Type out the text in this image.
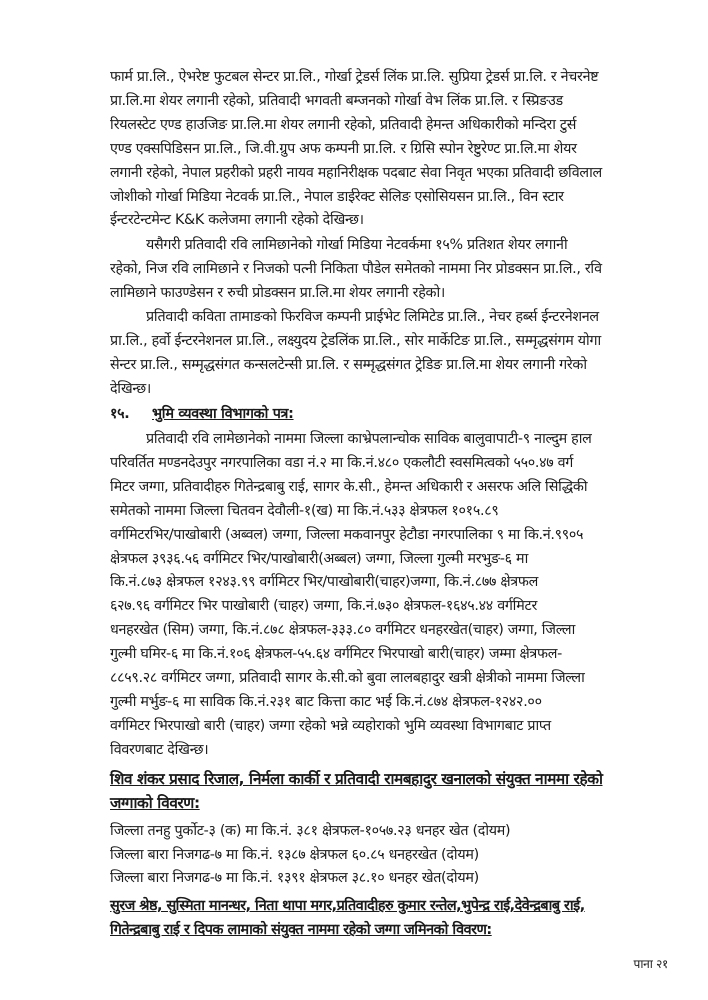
फार्म प्रा.लि., ऐभरेष्ट फुटबल सेन्टर प्रा.लि., गोर्खा ट्रेडर्स लिंक प्रा.लि. सुप्रिया ट्रेडर्स प्रा.लि. र नेचरनेष्ट
प्रा.लि.मा शेयर लगानी रहेको, प्रतिवादी भगवती बम्जनको गोर्खा वेभ लिंक प्रा.लि. र स्प्रिङउड
रियलस्टेट एण्ड हाउजिङ प्रा.लि.मा शेयर लगानी रहेको, प्रतिवादी हेमन्त अधिकारीको मन्दिरा टुर्स
एण्ड एक्सपिडिसन प्रा.लि., जि.वी.ग्रुप अफ कम्पनी प्रा.लि. र ग्रिसि स्पोन रेष्टुरेण्ट प्रा.लि.मा शेयर
लगानी रहेको, नेपाल प्रहरीको प्रहरी नायव महानिरीक्षक पदबाट सेवा निवृत भएका प्रतिवादी छविलाल
जोशीको गोर्खा मिडिया नेटवर्क प्रा.लि., नेपाल डाईरेक्ट सेलिङ एसोसियसन प्रा.लि., विन स्टार
ईन्टरटेन्टमेन्ट K&K कलेजमा लगानी रहेको देखिन्छ।
यसैगरी प्रतिवादी रवि लामिछानेको गोर्खा मिडिया नेटवर्कमा १५% प्रतिशत शेयर लगानी
रहेको, निज रवि लामिछाने र निजको पत्नी निकिता पौडेल समेतको नाममा निर प्रोडक्सन प्रा.लि., रवि
लामिछाने फाउण्डेसन र रुची प्रोडक्सन प्रा.लि.मा शेयर लगानी रहेको।
प्रतिवादी कविता तामाङको फिरविज कम्पनी प्राईभेट लिमिटेड प्रा.लि., नेचर हर्ब्स ईन्टरनेशनल
प्रा.लि., हर्वो ईन्टरनेशनल प्रा.लि., लक्ष्युदय ट्रेडलिंक प्रा.लि., सोर मार्केटिङ प्रा.लि., सम्मृद्धसंगम योगा
सेन्टर प्रा.लि., सम्मृद्धसंगत कन्सलटेन्सी प्रा.लि. र सम्मृद्धसंगत ट्रेडिङ प्रा.लि.मा शेयर लगानी गरेको
देखिन्छ।
१५. भुमि व्यवस्था विभागको पत्र:
प्रतिवादी रवि लामेछानेको नाममा जिल्ला काभ्रेपलान्चोक साविक बालुवापाटी-९ नाल्दुम हाल
परिवर्तित मण्डनदेउपुर नगरपालिका वडा नं.२ मा कि.नं.४८० एकलौटी स्वसमित्वको ५५०.४७ वर्ग
मिटर जग्गा, प्रतिवादीहरु गितेन्द्रबाबु राई, सागर के.सी., हेमन्त अधिकारी र असरफ अलि सिद्धिकी
समेतको नाममा जिल्ला चितवन देवौली-१(ख) मा कि.नं.५३३ क्षेत्रफल १०१५.८९
वर्गमिटरभिर/पाखोबारी (अब्वल) जग्गा, जिल्ला मकवानपुर हेटौडा नगरपालिका ९ मा कि.नं.९९०५
क्षेत्रफल ३९३६.५६ वर्गमिटर भिर/पाखोबारी(अब्बल) जग्गा, जिल्ला गुल्मी मरभुङ-६ मा
कि.नं.८७३ क्षेत्रफल १२४३.९९ वर्गमिटर भिर/पाखोबारी(चाहर)जग्गा, कि.नं.८७७ क्षेत्रफल
६२७.९६ वर्गमिटर भिर पाखोबारी (चाहर) जग्गा, कि.नं.७३० क्षेत्रफल-१६४५.४४ वर्गमिटर
धनहरखेत (सिम) जग्गा, कि.नं.८७८ क्षेत्रफल-३३३.८० वर्गमिटर धनहरखेत(चाहर) जग्गा, जिल्ला
गुल्मी घमिर-६ मा कि.नं.१०६ क्षेत्रफल-५५.६४ वर्गमिटर भिरपाखो बारी(चाहर) जम्मा क्षेत्रफल-
८८५९.२८ वर्गमिटर जग्गा, प्रतिवादी सागर के.सी.को बुवा लालबहादुर खत्री क्षेत्रीको नाममा जिल्ला
गुल्मी मर्भुङ-६ मा साविक कि.नं.२३१ बाट कित्ता काट भई कि.नं.८७४ क्षेत्रफल-१२४२.००
वर्गमिटर भिरपाखो बारी (चाहर) जग्गा रहेको भन्ने व्यहोराको भुमि व्यवस्था विभागबाट प्राप्त
विवरणबाट देखिन्छ।
शिव शंकर प्रसाद रिजाल, निर्मला कार्की र प्रतिवादी रामबहादुर खनालको संयुक्त नाममा रहेको
जग्गाको विवरण:
जिल्ला तनहु पुर्कोट-३ (क) मा कि.नं. ३८१ क्षेत्रफल-१०५७.२३ धनहर खेत (दोयम)
जिल्ला बारा निजगढ-७ मा कि.नं. १३८७ क्षेत्रफल ६०.८५ धनहरखेत (दोयम)
जिल्ला बारा निजगढ-७ मा कि.नं. १३९१ क्षेत्रफल ३८.१० धनहर खेत(दोयम)
सुरज श्रेष्ठ, सुस्मिता मानन्धर, निता थापा मगर,प्रतिवादीहरु कुमार रन्तेल,भुपेन्द्र राई,देवेन्द्रबाबु राई,
गितेन्द्रबाबु राई र दिपक लामाको संयुक्त नाममा रहेको जग्गा जमिनको विवरण:
पाना २१
